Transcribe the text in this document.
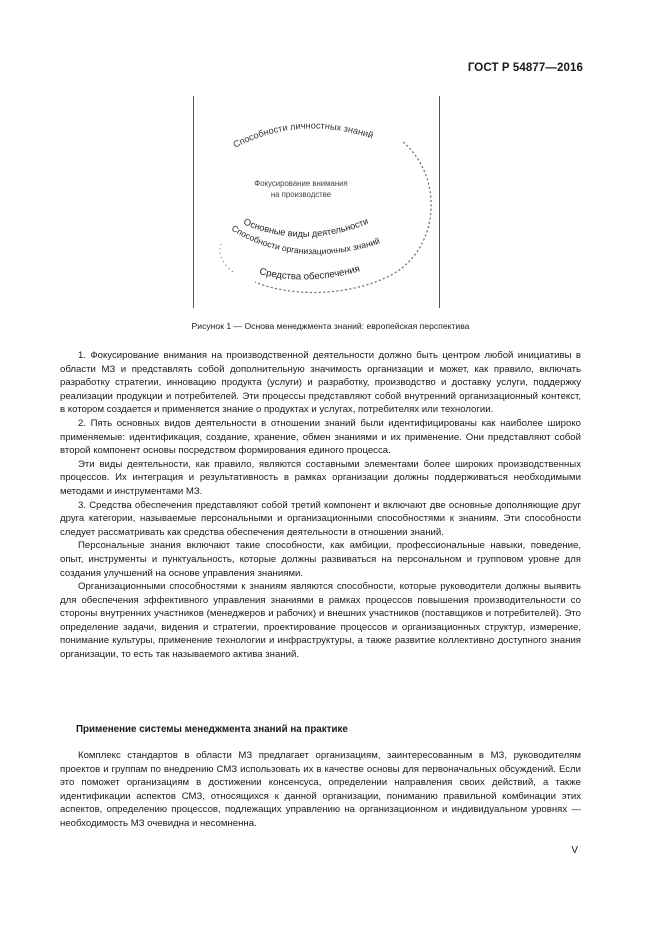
ГОСТ Р 54877—2016
Способности личностных знаний
Фокусирование внимания
на производстве
Основные виды деятельности
Способности организационных знаний
Средства обеспечения
Рисунок 1 — Основа менеджмента знаний: европейская перспектива

1. Фокусирование внимания на производственной деятельности должно быть центром любой инициативы в области МЗ и представлять собой дополнительную значимость организации и может, как правило, включать разработку стратегии, инновацию продукта (услуги) и разработку, производство и доставку услуги, поддержку реализации продукции и потребителей. Эти процессы представляют собой внутренний организационный контекст, в котором создается и применяется знание о продуктах и услугах, потребителях или технологии.

2. Пять основных видов деятельности в отношении знаний были идентифицированы как наиболее широко применяемые: идентификация, создание, хранение, обмен знаниями и их применение. Они представляют собой второй компонент основы посредством формирования единого процесса.

Эти виды деятельности, как правило, являются составными элементами более широких производственных процессов. Их интеграция и результативность в рамках организации должны поддерживаться необходимыми методами и инструментами МЗ.

3. Средства обеспечения представляют собой третий компонент и включают две основные дополняющие друг друга категории, называемые персональными и организационными способностями к знаниям. Эти способности следует рассматривать как средства обеспечения деятельности в отношении знаний.

Персональные знания включают такие способности, как амбиции, профессиональные навыки, поведение, опыт, инструменты и пунктуальность, которые должны развиваться на персональном и групповом уровне для создания улучшений на основе управления знаниями.

Организационными способностями к знаниям являются способности, которые руководители должны выявить для обеспечения эффективного управления знаниями в рамках процессов повышения производительности со стороны внутренних участников (менеджеров и рабочих) и внешних участников (поставщиков и потребителей). Это определение задачи, видения и стратегии, проектирование процессов и организационных структур, измерение, понимание культуры, применение технологии и инфраструктуры, а также развитие коллективно доступного знания организации, то есть так называемого актива знаний.

Применение системы менеджмента знаний на практике

Комплекс стандартов в области МЗ предлагает организациям, заинтересованным в МЗ, руководителям проектов и группам по внедрению СМЗ использовать их в качестве основы для первоначальных обсуждений. Если это поможет организациям в достижении консенсуса, определении направления своих действий, а также идентификации аспектов СМЗ, относящихся к данной организации, пониманию правильной комбинации этих аспектов, определению процессов, подлежащих управлению на организационном и индивидуальном уровнях — необходимость МЗ очевидна и несомненна.

V
